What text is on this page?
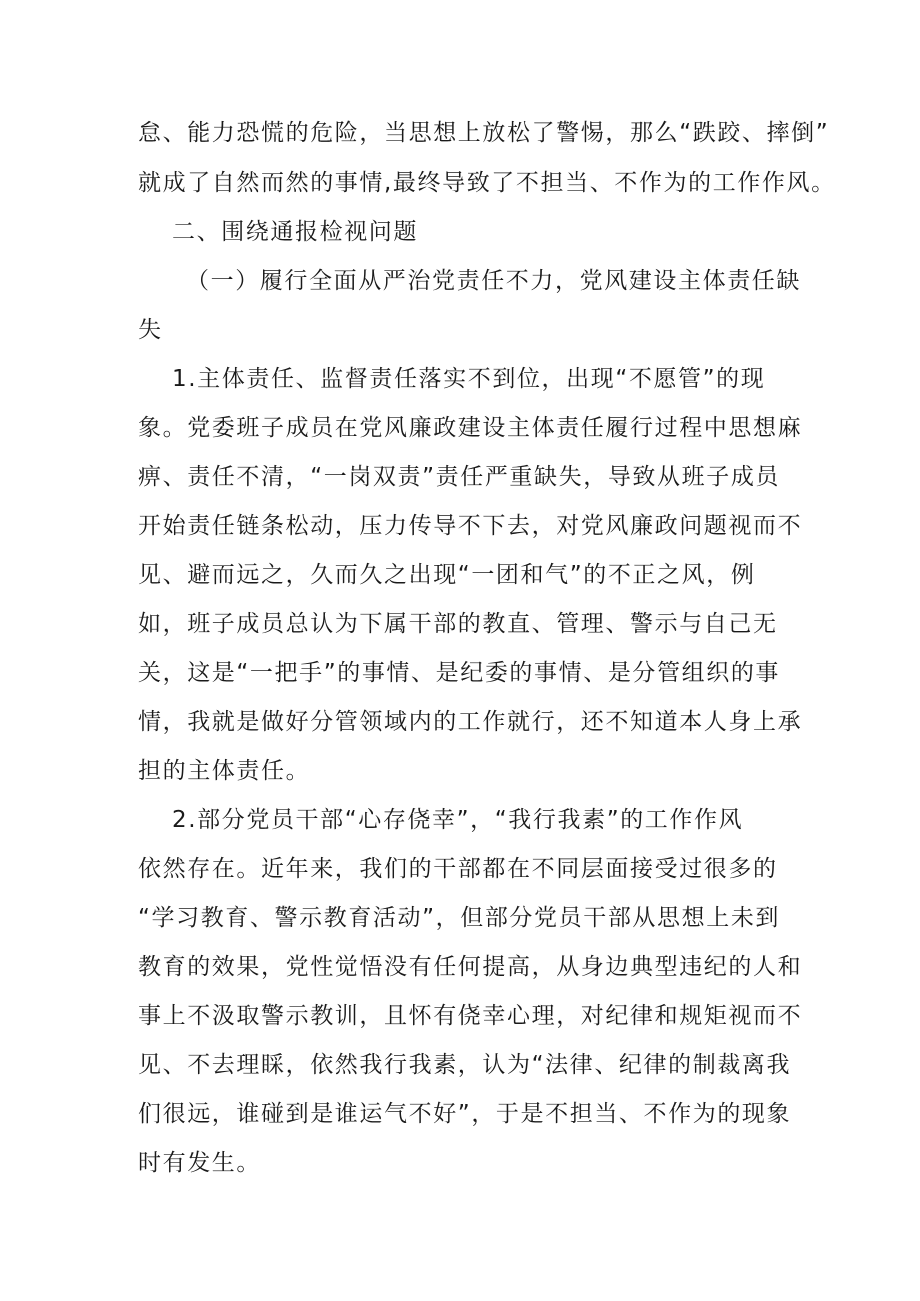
怠、能力恐慌的危险，当思想上放松了警惕，那么“跌跤、摔倒”
就成了自然而然的事情,最终导致了不担当、不作为的工作作风。
二、围绕通报检视问题
（一）履行全面从严治党责任不力，党风建设主体责任缺
失
1.主体责任、监督责任落实不到位，出现“不愿管”的现
象。党委班子成员在党风廉政建设主体责任履行过程中思想麻
痹、责任不清，“一岗双责”责任严重缺失，导致从班子成员
开始责任链条松动，压力传导不下去，对党风廉政问题视而不
见、避而远之，久而久之出现“一团和气”的不正之风，例
如，班子成员总认为下属干部的教直、管理、警示与自己无
关，这是“一把手”的事情、是纪委的事情、是分管组织的事
情，我就是做好分管领域内的工作就行，还不知道本人身上承
担的主体责任。
2.部分党员干部“心存侥幸”，“我行我素”的工作作风
依然存在。近年来，我们的干部都在不同层面接受过很多的
“学习教育、警示教育活动”，但部分党员干部从思想上未到
教育的效果，党性觉悟没有任何提高，从身边典型违纪的人和
事上不汲取警示教训，且怀有侥幸心理，对纪律和规矩视而不
见、不去理睬，依然我行我素，认为“法律、纪律的制裁离我
们很远，谁碰到是谁运气不好”，于是不担当、不作为的现象
时有发生。
